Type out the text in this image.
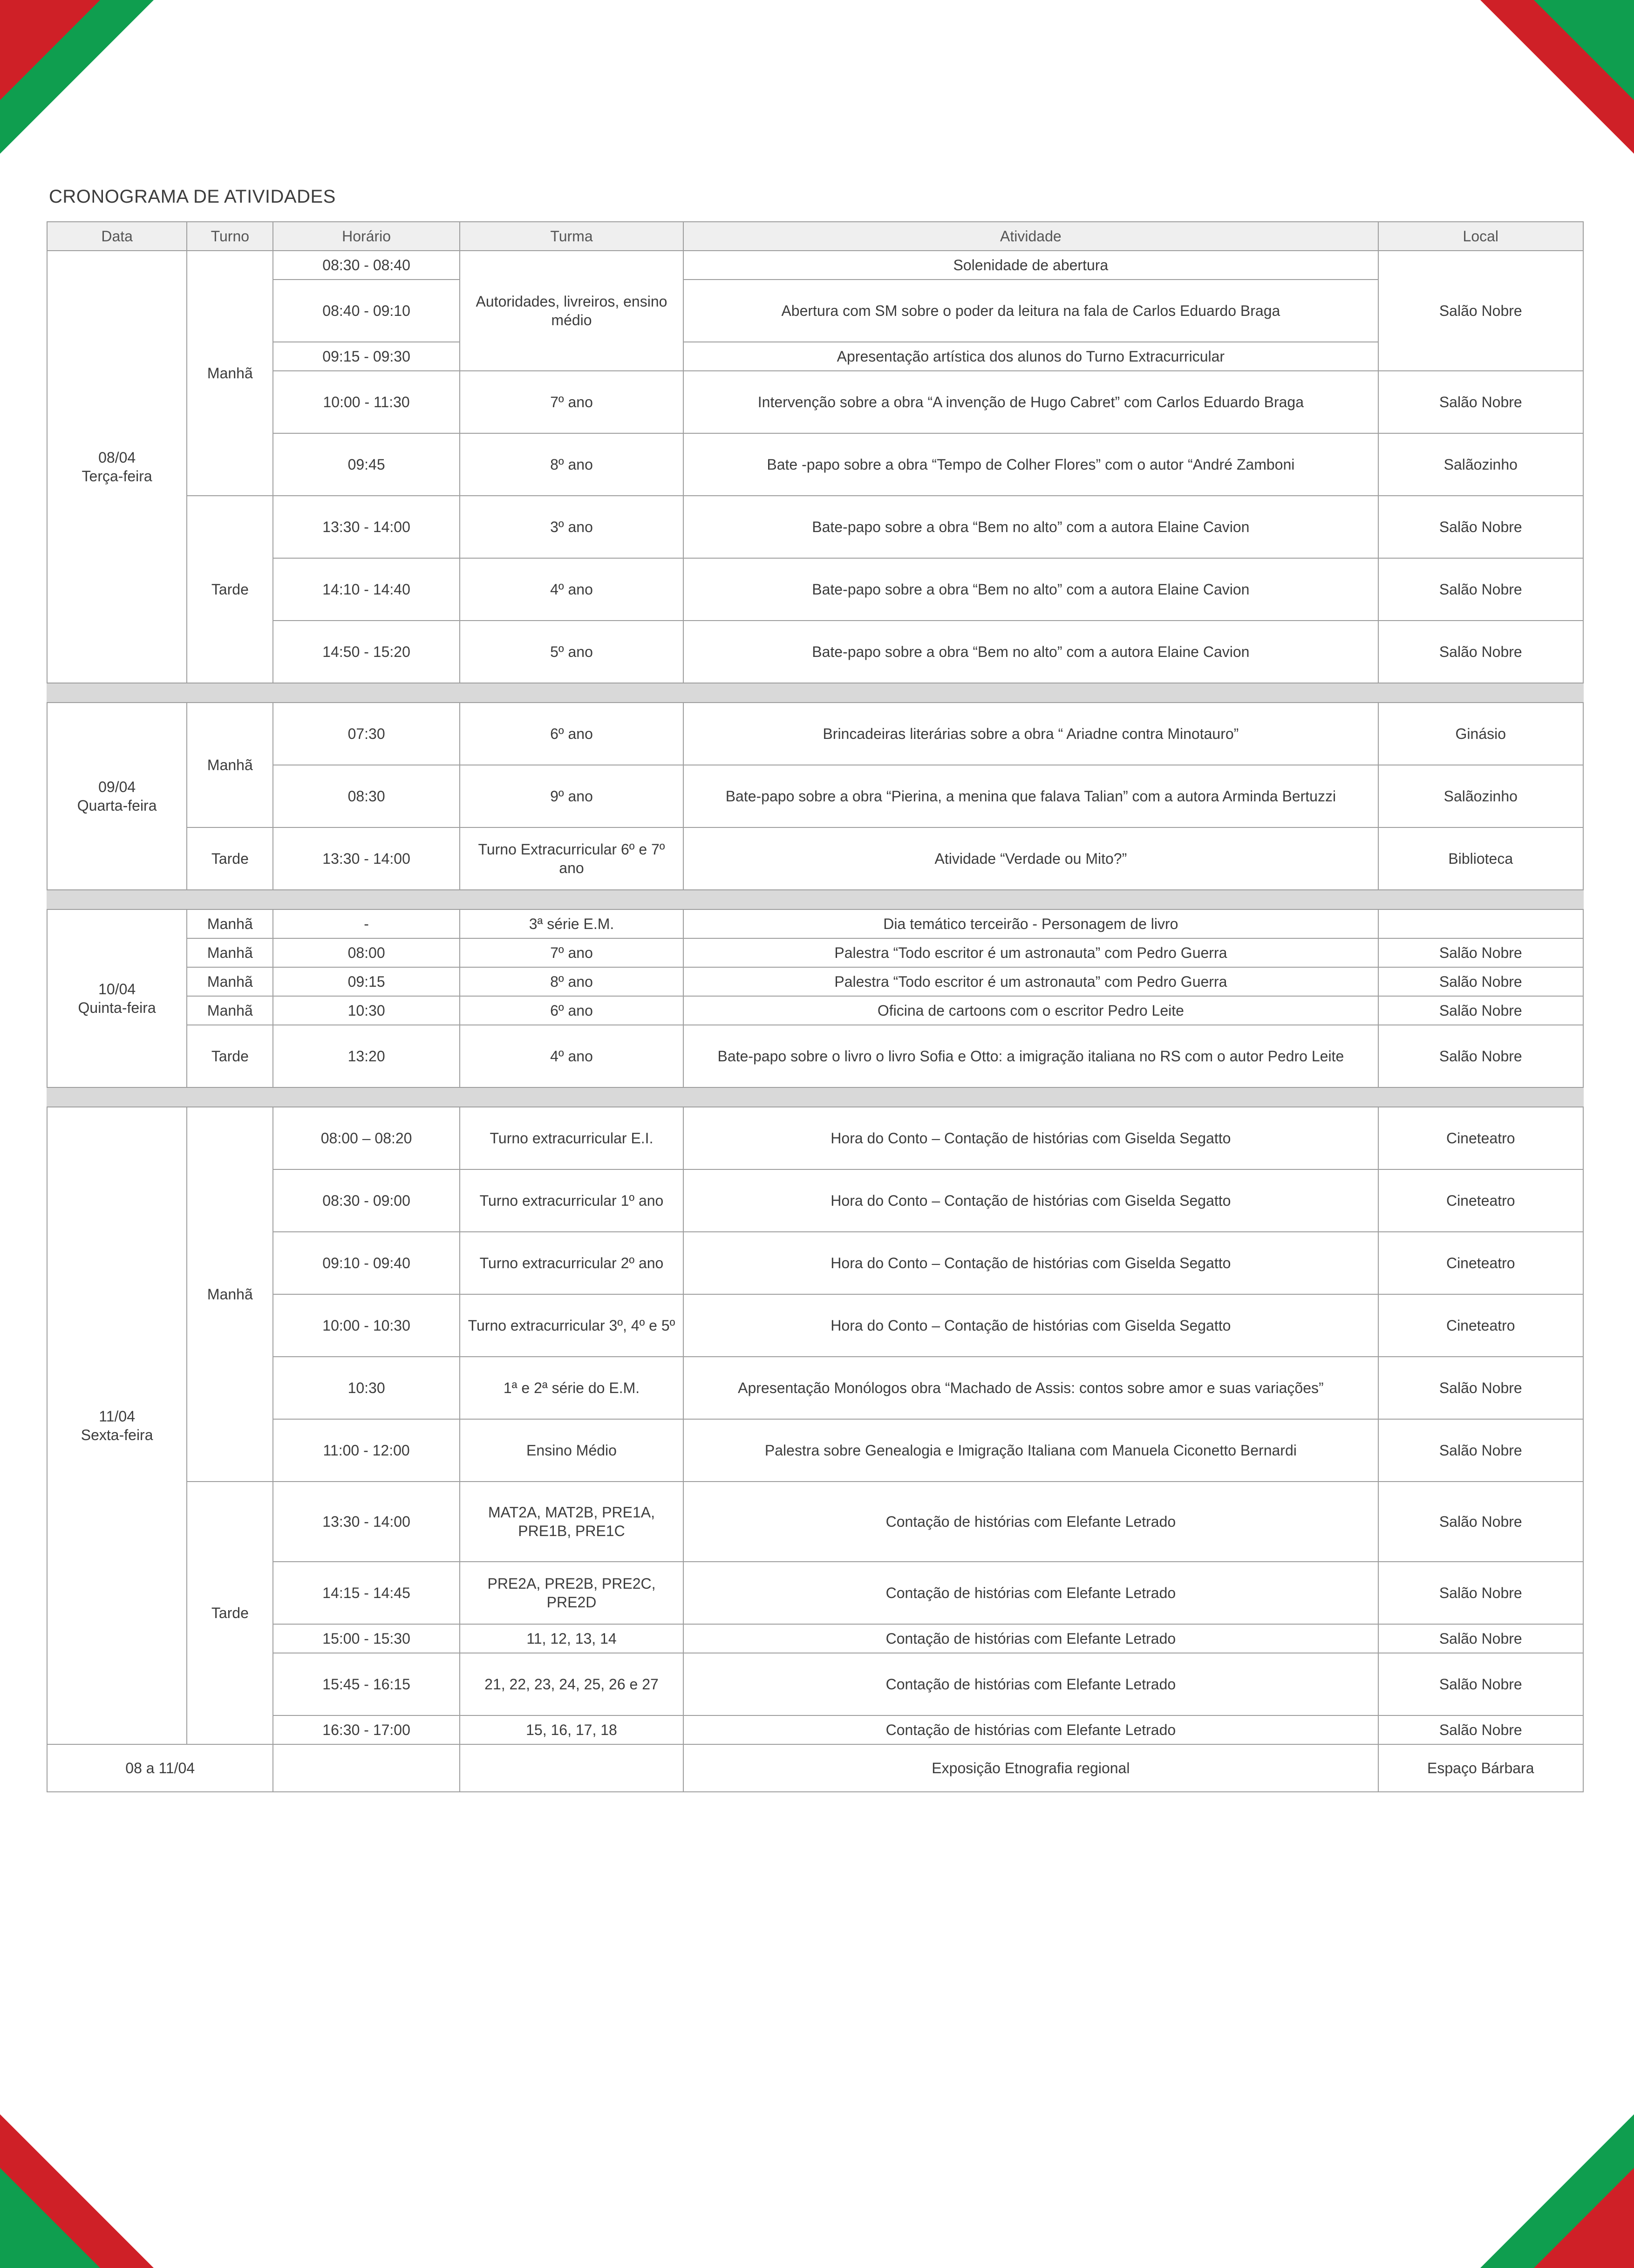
CRONOGRAMA DE ATIVIDADES
Data	Turno	Horário	Turma	Atividade	Local
08/04
Terça-feira	Manhã	08:30 - 08:40	Autoridades, livreiros, ensino médio	Solenidade de abertura	Salão Nobre
		08:40 - 09:10		Abertura com SM sobre o poder da leitura na fala de Carlos Eduardo Braga	
		09:15 - 09:30		Apresentação artística dos alunos do Turno Extracurricular	
		10:00 - 11:30	7º ano	Intervenção sobre a obra “A invenção de Hugo Cabret” com Carlos Eduardo Braga	Salão Nobre
		09:45	8º ano	Bate -papo sobre a obra “Tempo de Colher Flores” com o autor “André Zamboni	Salãozinho
	Tarde	13:30 - 14:00	3º ano	Bate-papo sobre a obra “Bem no alto” com a autora Elaine Cavion	Salão Nobre
		14:10 - 14:40	4º ano	Bate-papo sobre a obra “Bem no alto” com a autora Elaine Cavion	Salão Nobre
		14:50 - 15:20	5º ano	Bate-papo sobre a obra “Bem no alto” com a autora Elaine Cavion	Salão Nobre

09/04
Quarta-feira	Manhã	07:30	6º ano	Brincadeiras literárias sobre a obra “ Ariadne contra Minotauro”	Ginásio
		08:30	9º ano	Bate-papo sobre a obra “Pierina, a menina que falava Talian” com a autora Arminda Bertuzzi	Salãozinho
	Tarde	13:30 - 14:00	Turno Extracurricular 6º e 7º ano	Atividade “Verdade ou Mito?”	Biblioteca

10/04
Quinta-feira	Manhã	-	3ª série E.M.	Dia temático terceirão - Personagem de livro	
	Manhã	08:00	7º ano	Palestra “Todo escritor é um astronauta” com Pedro Guerra	Salão Nobre
	Manhã	09:15	8º ano	Palestra “Todo escritor é um astronauta” com Pedro Guerra	Salão Nobre
	Manhã	10:30	6º ano	Oficina de cartoons com o escritor Pedro Leite	Salão Nobre
	Tarde	13:20	4º ano	Bate-papo sobre o livro o livro Sofia e Otto: a imigração italiana no RS com o autor Pedro Leite	Salão Nobre

11/04
Sexta-feira	Manhã	08:00 – 08:20	Turno extracurricular E.I.	Hora do Conto – Contação de histórias com Giselda Segatto	Cineteatro
		08:30 - 09:00	Turno extracurricular 1º ano	Hora do Conto – Contação de histórias com Giselda Segatto	Cineteatro
		09:10 - 09:40	Turno extracurricular 2º ano	Hora do Conto – Contação de histórias com Giselda Segatto	Cineteatro
		10:00 - 10:30	Turno extracurricular 3º, 4º e 5º	Hora do Conto – Contação de histórias com Giselda Segatto	Cineteatro
		10:30	1ª e 2ª série do E.M.	Apresentação Monólogos obra “Machado de Assis: contos sobre amor e suas variações”	Salão Nobre
		11:00 - 12:00	Ensino Médio	Palestra sobre Genealogia e Imigração Italiana com Manuela Ciconetto Bernardi	Salão Nobre
	Tarde	13:30 - 14:00	MAT2A, MAT2B, PRE1A, PRE1B, PRE1C	Contação de histórias com Elefante Letrado	Salão Nobre
		14:15 - 14:45	PRE2A, PRE2B, PRE2C, PRE2D	Contação de histórias com Elefante Letrado	Salão Nobre
		15:00 - 15:30	11, 12, 13, 14	Contação de histórias com Elefante Letrado	Salão Nobre
		15:45 - 16:15	21, 22, 23, 24, 25, 26 e 27	Contação de histórias com Elefante Letrado	Salão Nobre
		16:30 - 17:00	15, 16, 17, 18	Contação de histórias com Elefante Letrado	Salão Nobre
08 a 11/04				Exposição Etnografia regional	Espaço Bárbara
